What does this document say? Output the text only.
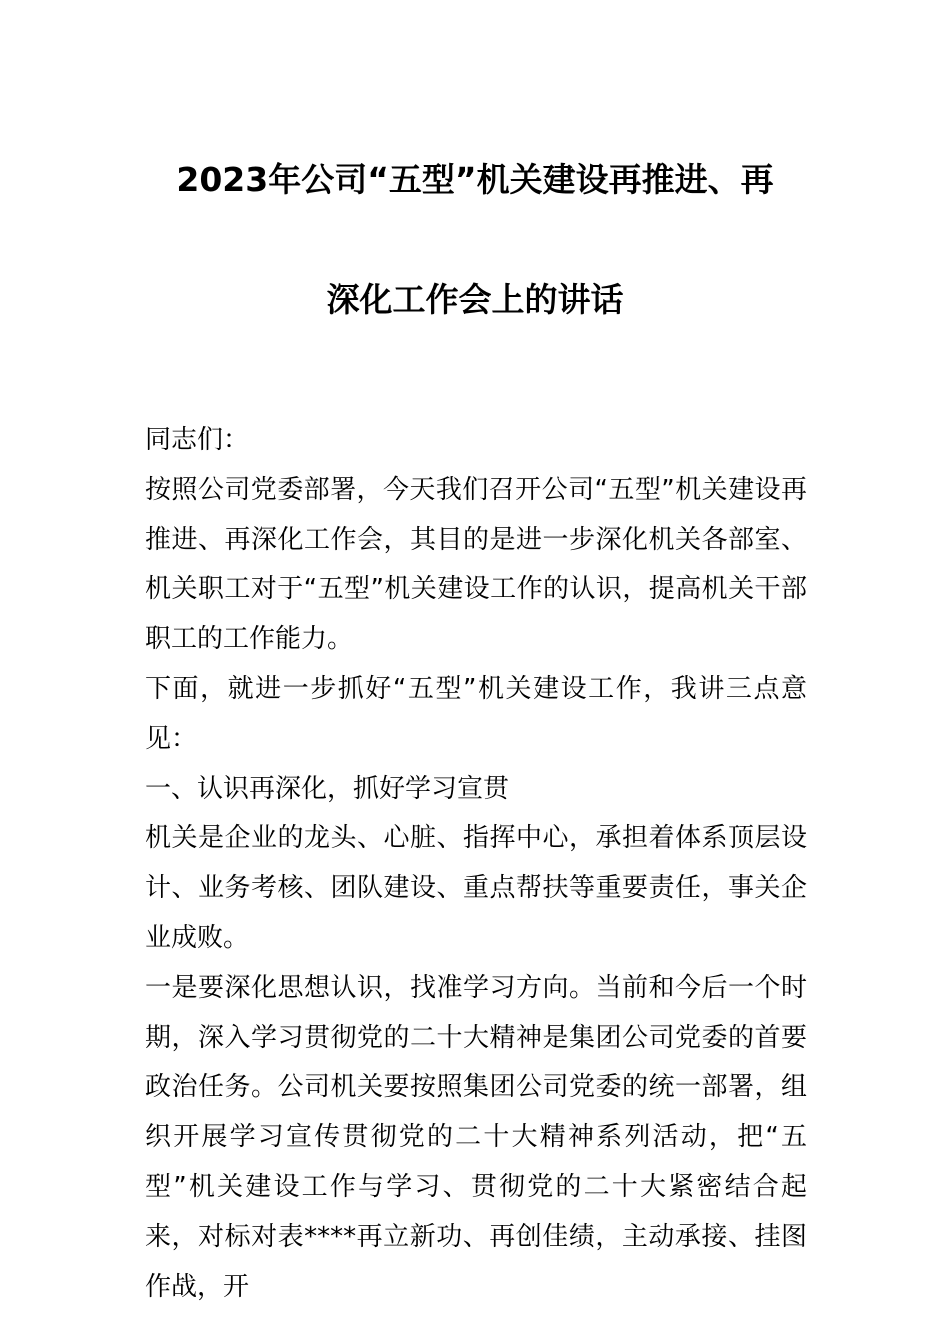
2023年公司“五型”机关建设再推进、再
深化工作会上的讲话

同志们：

按照公司党委部署，今天我们召开公司“五型”机关建设再推进、再深化工作会，其目的是进一步深化机关各部室、机关职工对于“五型”机关建设工作的认识，提高机关干部职工的工作能力。

下面，就进一步抓好“五型”机关建设工作，我讲三点意见：

一、认识再深化，抓好学习宣贯

机关是企业的龙头、心脏、指挥中心，承担着体系顶层设计、业务考核、团队建设、重点帮扶等重要责任，事关企业成败。

一是要深化思想认识，找准学习方向。当前和今后一个时期，深入学习贯彻党的二十大精神是集团公司党委的首要政治任务。公司机关要按照集团公司党委的统一部署，组织开展学习宣传贯彻党的二十大精神系列活动，把“五型”机关建设工作与学习、贯彻党的二十大紧密结合起来，对标对表****再立新功、再创佳绩，主动承接、挂图作战，开
